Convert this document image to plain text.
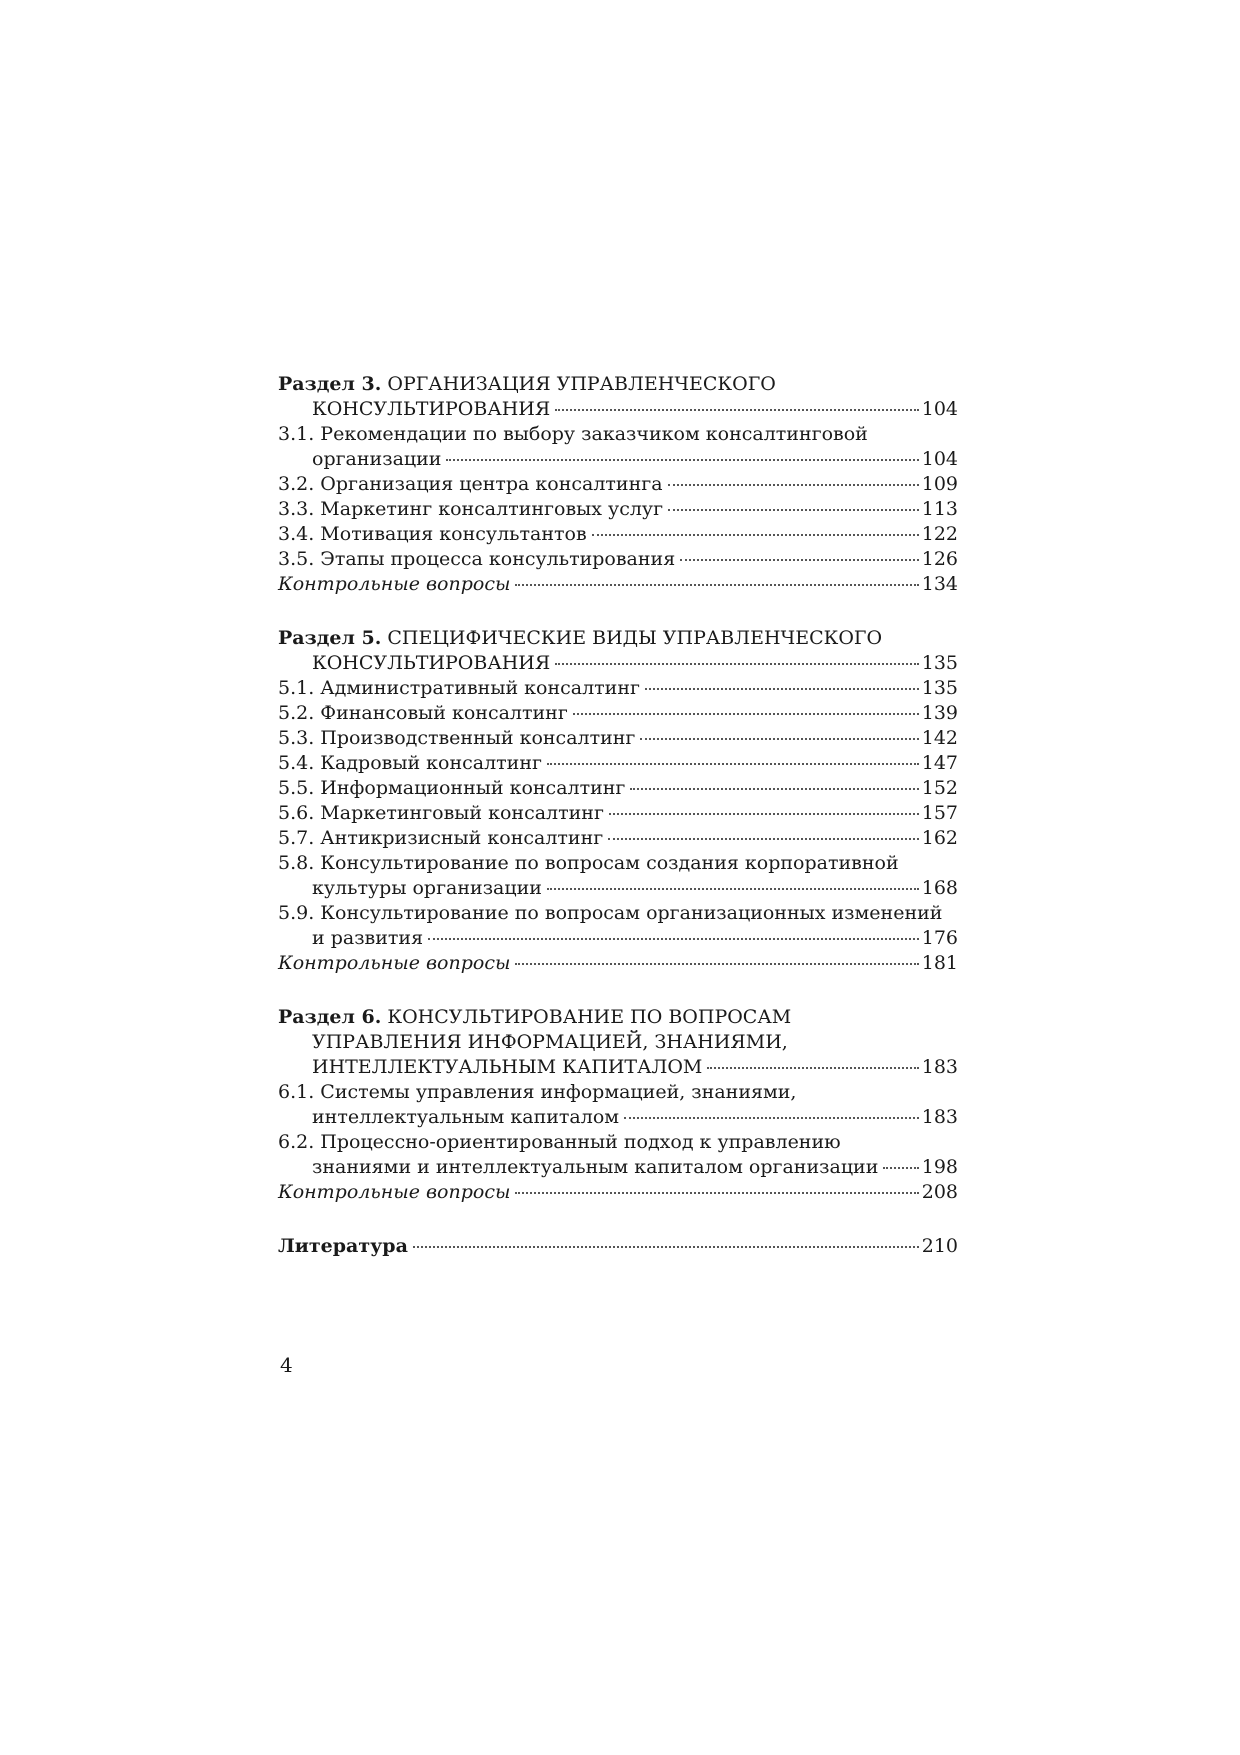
Раздел 3. ОРГАНИЗАЦИЯ УПРАВЛЕНЧЕСКОГО
КОНСУЛЬТИРОВАНИЯ	104
3.1. Рекомендации по выбору заказчиком консалтинговой
организации	104
3.2. Организация центра консалтинга	109
3.3. Маркетинг консалтинговых услуг	113
3.4. Мотивация консультантов	122
3.5. Этапы процесса консультирования	126
Контрольные вопросы	134
Раздел 5. СПЕЦИФИЧЕСКИЕ ВИДЫ УПРАВЛЕНЧЕСКОГО
КОНСУЛЬТИРОВАНИЯ	135
5.1. Административный консалтинг	135
5.2. Финансовый консалтинг	139
5.3. Производственный консалтинг	142
5.4. Кадровый консалтинг	147
5.5. Информационный консалтинг	152
5.6. Маркетинговый консалтинг	157
5.7. Антикризисный консалтинг	162
5.8. Консультирование по вопросам создания корпоративной
культуры организации	168
5.9. Консультирование по вопросам организационных изменений
и развития	176
Контрольные вопросы	181
Раздел 6. КОНСУЛЬТИРОВАНИЕ ПО ВОПРОСАМ
УПРАВЛЕНИЯ ИНФОРМАЦИЕЙ, ЗНАНИЯМИ,
ИНТЕЛЛЕКТУАЛЬНЫМ КАПИТАЛОМ	183
6.1. Системы управления информацией, знаниями,
интеллектуальным капиталом	183
6.2. Процессно-ориентированный подход к управлению
знаниями и интеллектуальным капиталом организации 198
Контрольные вопросы	208
Литература	210
4
